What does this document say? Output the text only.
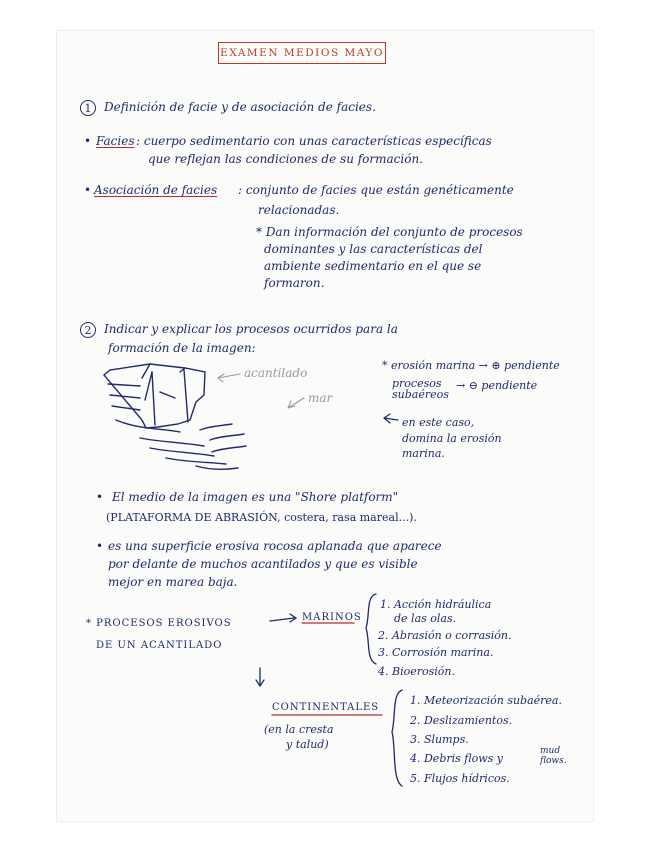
EXAMEN MEDIOS MAYO
1	Definición de facie y de asociación de facies.
• Facies : cuerpo sedimentario con unas características específicas
que reflejan las condiciones de su formación.
• Asociación de facies : conjunto de facies que están genéticamente
relacionadas.
* Dan información del conjunto de procesos
dominantes y las características del
ambiente sedimentario en el que se
formaron.
2	Indicar y explicar los procesos ocurridos para la
formación de la imagen:
acantilado
mar
* erosión marina → ⊕ pendiente
procesos
subaéreos
→ ⊖ pendiente
en este caso,
domina la erosión
marina.
• El medio de la imagen es una "Shore platform"
(PLATAFORMA DE ABRASIÓN, costera, rasa mareal...).
• es una superficie erosiva rocosa aplanada que aparece
por delante de muchos acantilados y que es visible
mejor en marea baja.
* PROCESOS EROSIVOS
DE UN ACANTILADO
MARINOS
1. Acción hidráulica
de las olas.
2. Abrasión o corrasión.
3. Corrosión marina.
4. Bioerosión.
CONTINENTALES
(en la cresta
y talud)
1. Meteorización subaérea.
2. Deslizamientos.
3. Slumps.
4. Debris flows y
mud flows.
5. Flujos hídricos.
